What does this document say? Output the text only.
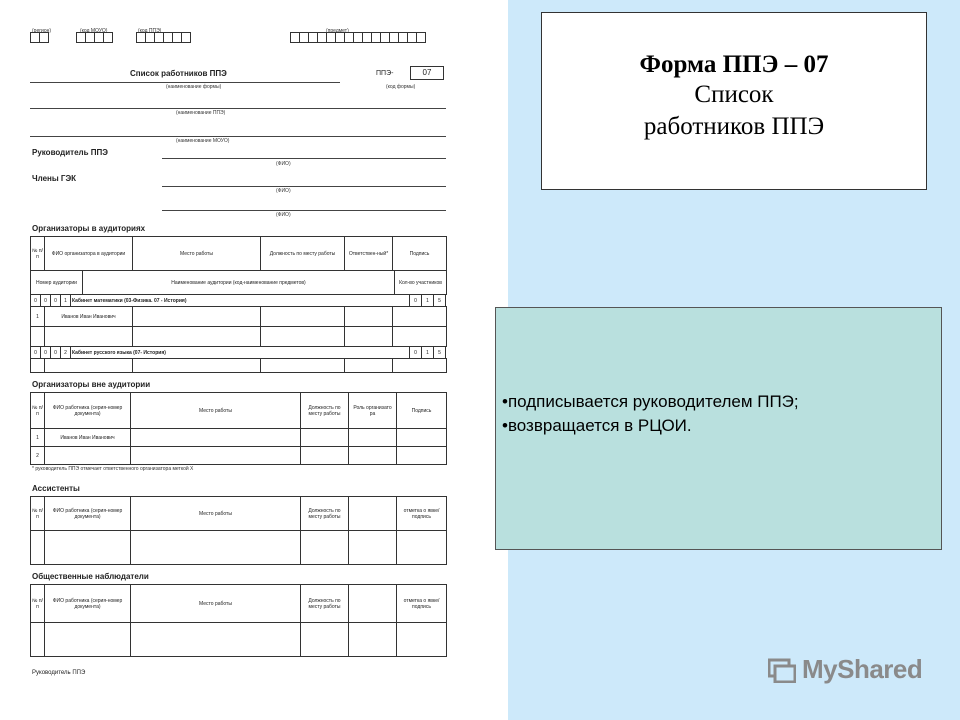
(регион)	(код МОУО)	(код ППЭ)	(предмет)
Список работников ППЭ	ППЭ-	07
(наименование формы)	(код формы)
(наименование ППЭ)
(наименование МОУО)
Руководитель ППЭ
(ФИО)
Члены ГЭК
(ФИО)
(ФИО)
Организаторы в аудиториях
№ п/п	ФИО организатора в аудитории	Место работы	Должность по месту работы	Ответствен-ный*	Подпись
Номер аудитории	Наименование аудитории (код-наименование предметов)	Кол-во участников
0	0	0	1	Кабинет математики (03-Физика. 07 - История)	0	1	5
1	Иванов Иван Иванович				

0	0	0	2	Кабинет русского языка (07- История)	0	1	5

Организаторы вне аудитории
№ п/п	ФИО работника (серия-номер документа)	Место работы	Должность по месту работы	Роль организато ра	Подпись
1	Иванов Иван Иванович				
2					
* руководитель ППЭ отмечает ответственного организатора меткой Х
Ассистенты
№ п/п	ФИО работника (серия-номер документа)	Место работы	Должность по месту работы		отметка о явке/ подпись

Общественные наблюдатели
№ п/п	ФИО работника (серия-номер документа)	Место работы	Должность по месту работы		отметка о явке/ подпись

Руководитель ППЭ
Форма ППЭ – 07
Список
работников ППЭ
•подписывается руководителем ППЭ;
•возвращается в РЦОИ.
MyShared
